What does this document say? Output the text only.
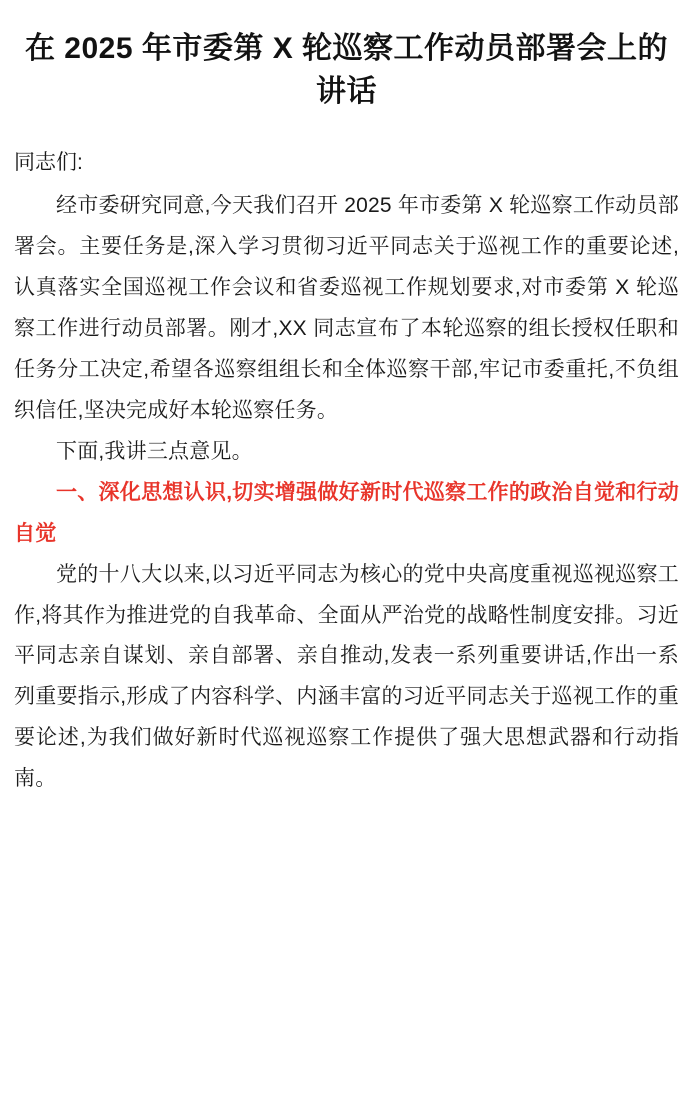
在 2025 年市委第 X 轮巡察工作动员部署会上的讲话

同志们:

经市委研究同意,今天我们召开 2025 年市委第 X 轮巡察工作动员部署会。主要任务是,深入学习贯彻习近平同志关于巡视工作的重要论述,认真落实全国巡视工作会议和省委巡视工作规划要求,对市委第 X 轮巡察工作进行动员部署。刚才,XX 同志宣布了本轮巡察的组长授权任职和任务分工决定,希望各巡察组组长和全体巡察干部,牢记市委重托,不负组织信任,坚决完成好本轮巡察任务。

下面,我讲三点意见。

一、深化思想认识,切实增强做好新时代巡察工作的政治自觉和行动自觉

党的十八大以来,以习近平同志为核心的党中央高度重视巡视巡察工作,将其作为推进党的自我革命、全面从严治党的战略性制度安排。习近平同志亲自谋划、亲自部署、亲自推动,发表一系列重要讲话,作出一系列重要指示,形成了内容科学、内涵丰富的习近平同志关于巡视工作的重要论述,为我们做好新时代巡视巡察工作提供了强大思想武器和行动指南。
